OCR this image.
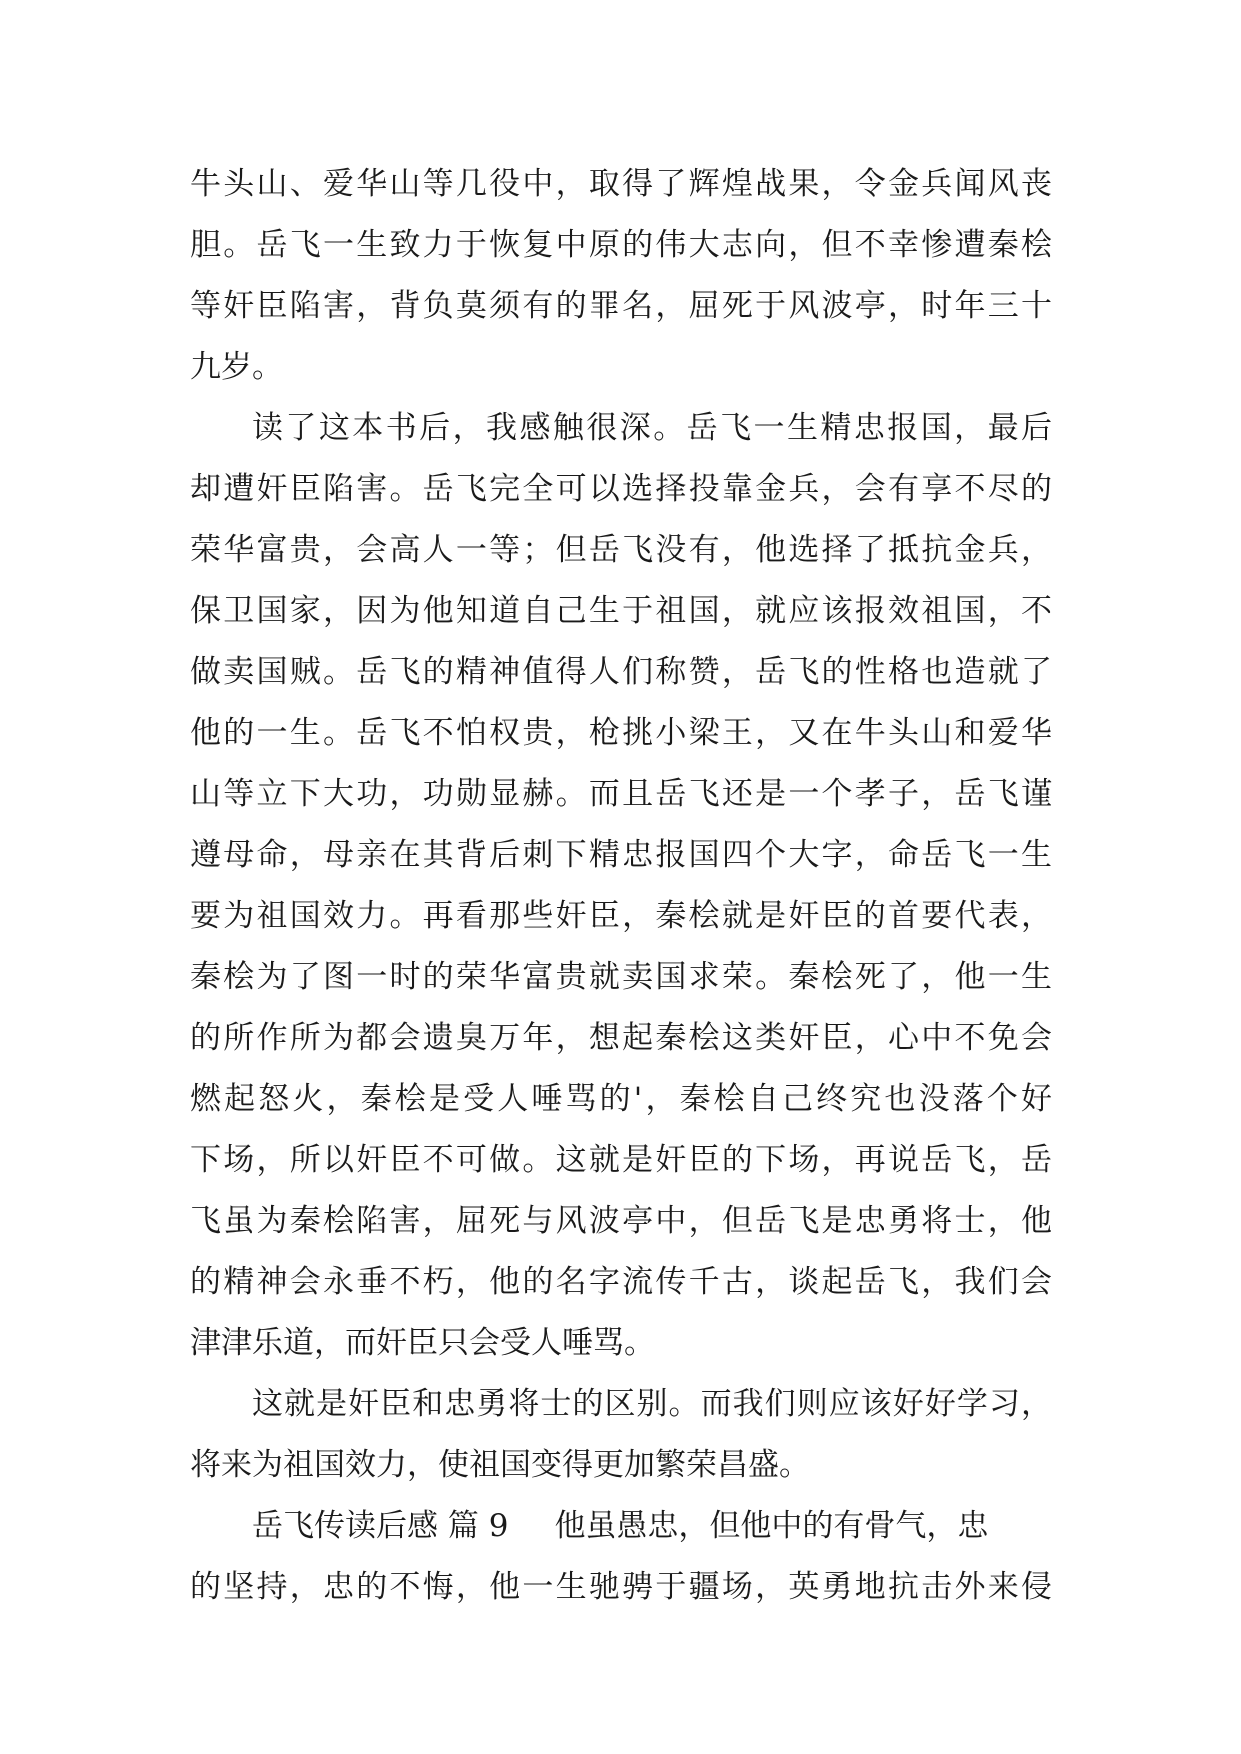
牛头山、爱华山等几役中，取得了辉煌战果，令金兵闻风丧
胆。岳飞一生致力于恢复中原的伟大志向，但不幸惨遭秦桧
等奸臣陷害，背负莫须有的罪名，屈死于风波亭，时年三十
九岁。
读了这本书后，我感触很深。岳飞一生精忠报国，最后
却遭奸臣陷害。岳飞完全可以选择投靠金兵，会有享不尽的
荣华富贵，会高人一等；但岳飞没有，他选择了抵抗金兵，
保卫国家，因为他知道自己生于祖国，就应该报效祖国，不
做卖国贼。岳飞的精神值得人们称赞，岳飞的性格也造就了
他的一生。岳飞不怕权贵，枪挑小梁王，又在牛头山和爱华
山等立下大功，功勋显赫。而且岳飞还是一个孝子，岳飞谨
遵母命，母亲在其背后刺下精忠报国四个大字，命岳飞一生
要为祖国效力。再看那些奸臣，秦桧就是奸臣的首要代表，
秦桧为了图一时的荣华富贵就卖国求荣。秦桧死了，他一生
的所作所为都会遗臭万年，想起秦桧这类奸臣，心中不免会
燃起怒火，秦桧是受人唾骂的'，秦桧自己终究也没落个好
下场，所以奸臣不可做。这就是奸臣的下场，再说岳飞，岳
飞虽为秦桧陷害，屈死与风波亭中，但岳飞是忠勇将士，他
的精神会永垂不朽，他的名字流传千古，谈起岳飞，我们会
津津乐道，而奸臣只会受人唾骂。
这就是奸臣和忠勇将士的区别。而我们则应该好好学习，
将来为祖国效力，使祖国变得更加繁荣昌盛。
岳飞传读后感 篇 9 他虽愚忠，但他中的有骨气，忠
的坚持，忠的不悔，他一生驰骋于疆场，英勇地抗击外来侵
